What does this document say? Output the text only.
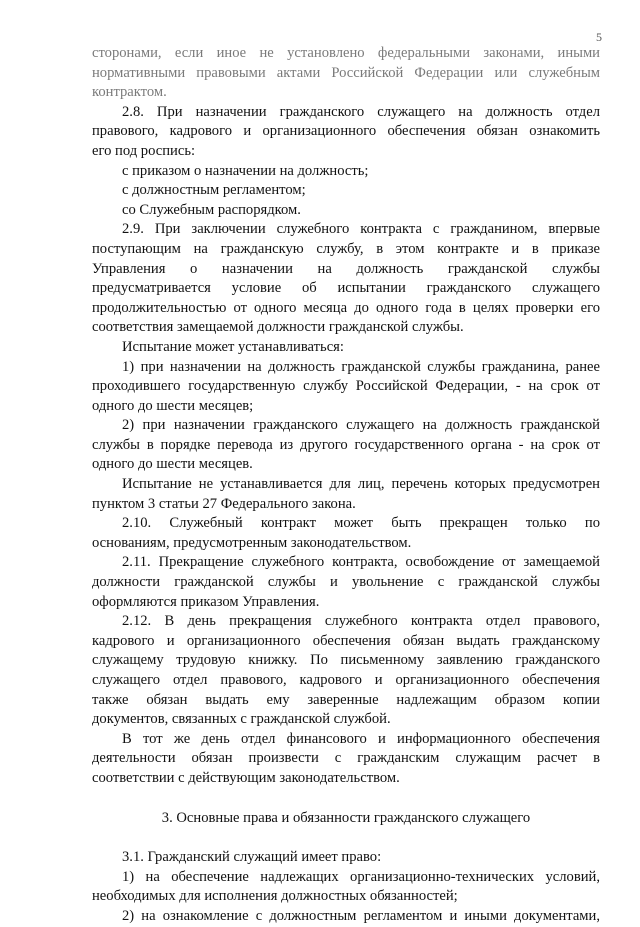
5

сторонами, если иное не установлено федеральными законами, иными

нормативными правовыми актами Российской Федерации или служебным

контрактом.

2.8. При назначении гражданского служащего на должность отдел

правового, кадрового и организационного обеспечения обязан ознакомить

его под роспись:

с приказом о назначении на должность;

с должностным регламентом;

со Служебным распорядком.

2.9. При заключении служебного контракта с гражданином, впервые

поступающим на гражданскую службу, в этом контракте и в приказе

Управления о назначении на должность гражданской службы

предусматривается условие об испытании гражданского служащего

продолжительностью от одного месяца до одного года в целях проверки его

соответствия замещаемой должности гражданской службы.

Испытание может устанавливаться:

1) при назначении на должность гражданской службы гражданина, ранее

проходившего государственную службу Российской Федерации, - на срок от

одного до шести месяцев;

2) при назначении гражданского служащего на должность гражданской

службы в порядке перевода из другого государственного органа - на срок от

одного до шести месяцев.

Испытание не устанавливается для лиц, перечень которых предусмотрен

пунктом 3 статьи 27 Федерального закона.

2.10. Служебный контракт может быть прекращен только по

основаниям, предусмотренным законодательством.

2.11. Прекращение служебного контракта, освобождение от замещаемой

должности гражданской службы и увольнение с гражданской службы

оформляются приказом Управления.

2.12. В день прекращения служебного контракта отдел правового,

кадрового и организационного обеспечения обязан выдать гражданскому

служащему трудовую книжку. По письменному заявлению гражданского

служащего отдел правового, кадрового и организационного обеспечения

также обязан выдать ему заверенные надлежащим образом копии

документов, связанных с гражданской службой.

В тот же день отдел финансового и информационного обеспечения

деятельности обязан произвести с гражданским служащим расчет в

соответствии с действующим законодательством.

3. Основные права и обязанности гражданского служащего

3.1. Гражданский служащий имеет право:

1) на обеспечение надлежащих организационно-технических условий,

необходимых для исполнения должностных обязанностей;

2) на ознакомление с должностным регламентом и иными документами,
